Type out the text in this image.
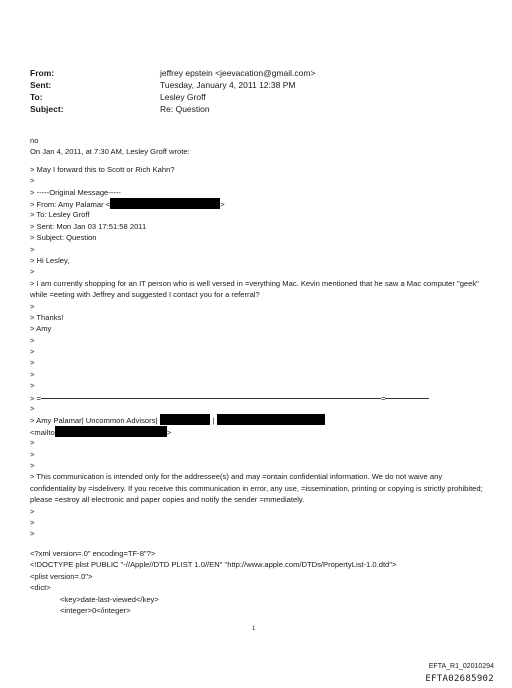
From:	jeffrey epstein <jeevacation@gmail.com>
Sent:	Tuesday, January 4, 2011 12:38 PM
To:	Lesley Groff
Subject:	Re: Question
no
On Jan 4, 2011, at 7:30 AM, Lesley Groff wrote:
> May I forward this to Scott or Rich Kahn?
>
> -----Original Message-----
> From: Amy Palamar <	>
> To: Lesley Groff
> Sent: Mon Jan 03 17:51:58 2011
> Subject: Question
>
> Hi Lesley,
>
> I am currently shopping for an IT person who is well versed in =verything Mac. Kevin mentioned that he saw a Mac computer "geek" while =eeting with Jeffrey and suggested I contact you for a referral?
>
> Thanks!
> Amy
>
>
>
>
>
> =	=
>
> Amy Palamar| Uncommon Advisors|	|
<mailto	>
>
>
>
> This communication is intended only for the addressee(s) and may =ontain confidential information. We do not waive any confidentiality by =isdelivery. If you receive this communication in error, any use, =issemination, printing or copying is strictly prohibited; please =estroy all electronic and paper copies and notify the sender =mmediately.
>
>
>
<?xml version=.0" encoding=TF-8"?>
<!DOCTYPE plist PUBLIC "-//Apple//DTD PLIST 1.0//EN" "http://www.apple.com/DTDs/PropertyList-1.0.dtd">
<plist version=.0">
<dict>
<key>date-last-viewed</key>
<integer>0</integer>
1
EFTA_R1_02010294
EFTA02685902
